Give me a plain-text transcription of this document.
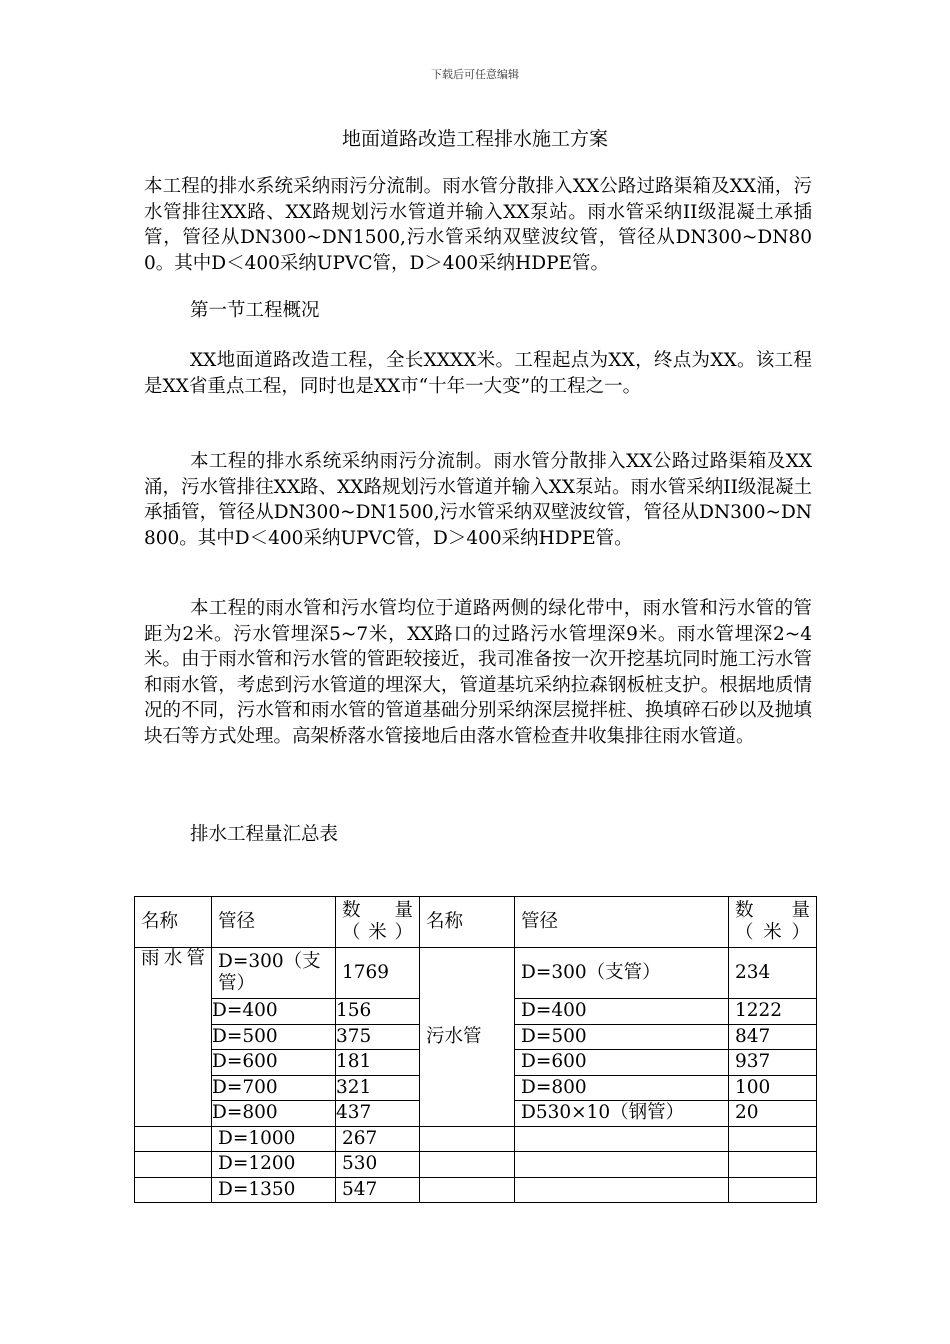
下载后可任意编辑
地面道路改造工程排水施工方案
本工程的排水系统采纳雨污分流制。雨水管分散排入XX公路过路渠箱及XX涌，污水管排往XX路、XX路规划污水管道并输入XX泵站。雨水管采纳II级混凝土承插管，管径从DN300~DN1500,污水管采纳双壁波纹管，管径从DN300~DN800。其中D＜400采纳UPVC管，D＞400采纳HDPE管。
第一节工程概况
XX地面道路改造工程，全长XXXX米。工程起点为XX，终点为XX。该工程是XX省重点工程，同时也是XX市“十年一大变”的工程之一。
本工程的排水系统采纳雨污分流制。雨水管分散排入XX公路过路渠箱及XX涌，污水管排往XX路、XX路规划污水管道并输入XX泵站。雨水管采纳II级混凝土承插管，管径从DN300~DN1500,污水管采纳双壁波纹管，管径从DN300~DN800。其中D＜400采纳UPVC管，D＞400采纳HDPE管。
本工程的雨水管和污水管均位于道路两侧的绿化带中，雨水管和污水管的管距为2米。污水管埋深5~7米，XX路口的过路污水管埋深9米。雨水管埋深2~4米。由于雨水管和污水管的管距较接近，我司准备按一次开挖基坑同时施工污水管和雨水管，考虑到污水管道的埋深大，管道基坑采纳拉森钢板桩支护。根据地质情况的不同，污水管和雨水管的管道基础分别采纳深层搅拌桩、换填碎石砂以及抛填块石等方式处理。高架桥落水管接地后由落水管检查井收集排往雨水管道。
排水工程量汇总表
名称	管径	数量（米）	名称	管径	数量（米）
雨水管	D=300（支管）	1769	污水管	D=300（支管）	234
	D=400	156		D=400	1222
	D=500	375		D=500	847
	D=600	181		D=600	937
	D=700	321		D=800	100
	D=800	437		D530×10（钢管）	20
	D=1000	267			
	D=1200	530			
	D=1350	547			
